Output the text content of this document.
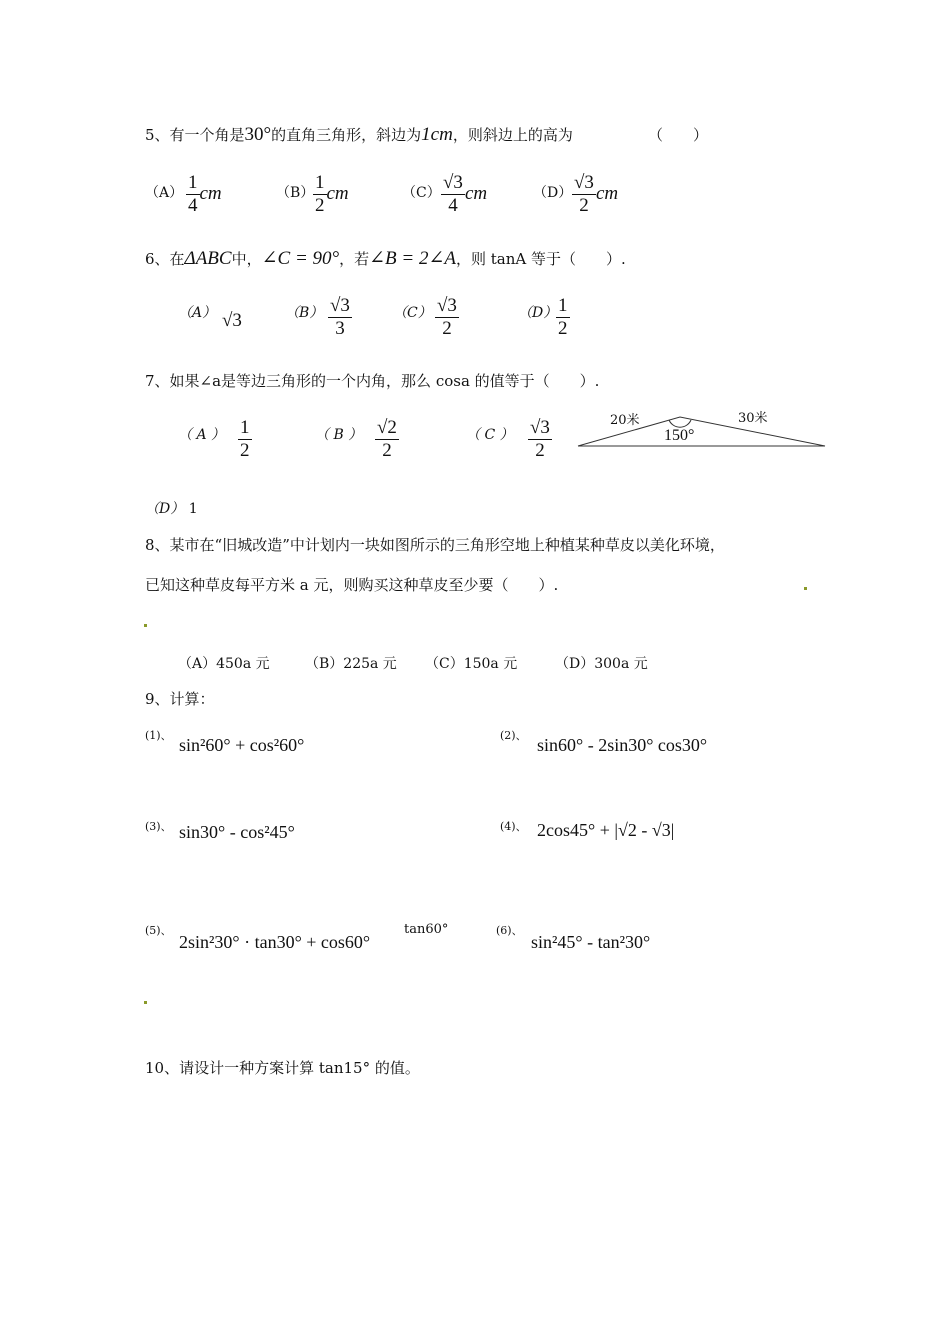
5、有一个角是30°的直角三角形，斜边为1cm，则斜边上的高为	（　　）
$(A) \frac{1}{4}$ cm	（B）
$\frac{1}{2}$ cm	$(C) \frac{√3}{4}$ cm	$(D) \frac{√3}{2}$ cm
6、在ΔABC中，∠C = 90°，若∠B = 2∠A，则 tanA 等于（　　）.
（A） √3	$(B) \frac{√3}{3}$	$(C) \frac{√3}{2}$	（D）
$\frac{1}{2}$
7、如果∠a是等边三角形的一个内角，那么 cosa 的值等于（　　）.
（ A ） $\frac{1}{2}$	（ B ） $\frac{√2}{2}$	（ C ） $\frac{√3}{2}$
（D） 1
20米	30米
150°
8、某市在“旧城改造”中计划内一块如图所示的三角形空地上种植某种草皮以美化环境，
已知这种草皮每平方米 a 元，则购买这种草皮至少要（　　）.
（A）450a 元	（B）225a 元 （C）150a 元	（D）300a 元
9、计算：
(1)、 sin²60° + cos²60°	(2)、 sin60° - 2sin30° cos30°
(3)、 sin30° - cos²45°	(4)、 2cos45° + |√2 - √3|
(5)、
2sin²30° · tan30° + cos60°
tan60°	(6)、
sin²45° - tan²30°
10、请设计一种方案计算 tan15° 的值。
